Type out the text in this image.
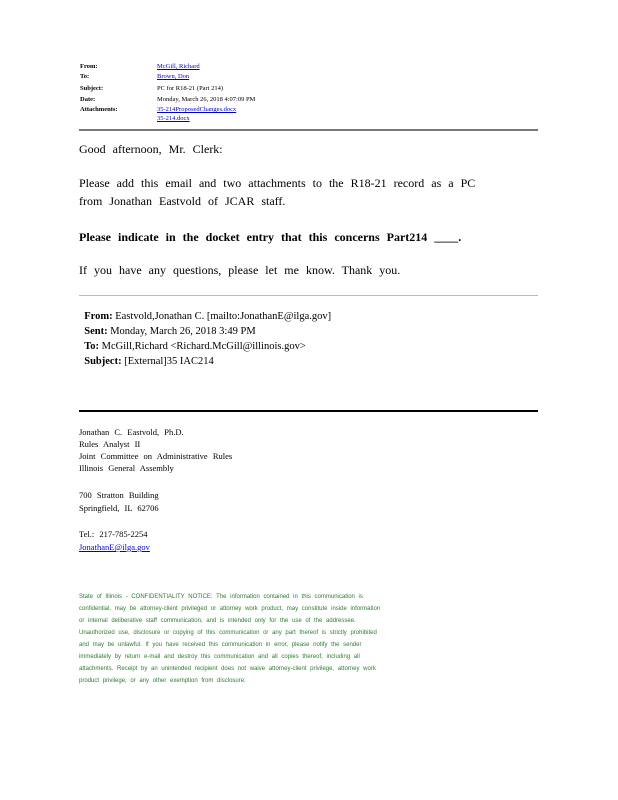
From:	McGill, Richard
To:	Brown, Don
Subject:	PC for R18-21 (Part 214)
Date:	Monday, March 26, 2018 4:07:09 PM
Attachments:	35-214ProposedChanges.docx
35-214.docx
Good afternoon, Mr. Clerk:
Please add this email and two attachments to the R18-21 record as a PC
from Jonathan Eastvold of JCAR staff.
Please indicate in the docket entry that this concerns Part214 ____.
If you have any questions, please let me know. Thank you.

From: Eastvold,Jonathan C. [mailto:JonathanE@ilga.gov]

Sent: Monday, March 26, 2018 3:49 PM

To: McGill,Richard <Richard.McGill@illinois.gov>

Subject: [External]35 IAC214

Jonathan C. Eastvold, Ph.D.
Rules Analyst II
Joint Committee on Administrative Rules
Illinois General Assembly
700 Stratton Building
Springfield, IL 62706
Tel.: 217-785-2254
JonathanE@ilga.gov
State of Illinois - CONFIDENTIALITY NOTICE: The information contained in this communication is
confidential, may be attorney-client privileged or attorney work product, may constitute inside information
or internal deliberative staff communication, and is intended only for the use of the addressee.
Unauthorized use, disclosure or copying of this communication or any part thereof is strictly prohibited
and may be unlawful. If you have received this communication in error, please notify the sender
immediately by return e-mail and destroy this communication and all copies thereof, including all
attachments. Receipt by an unintended recipient does not waive attorney-client privilege, attorney work
product privilege, or any other exemption from disclosure.
